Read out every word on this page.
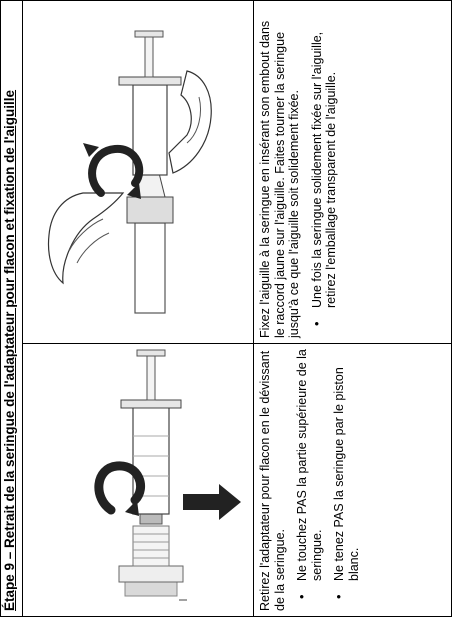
Étape 9 – Retrait de la seringue de l'adaptateur pour flacon et fixation de l'aiguille	Retirez l'adaptateur pour flacon en le dévissant de la seringue. • Ne touchez PAS la partie supérieure de la seringue. • Ne tenez PAS la seringue par le piston blanc.

Fixez l'aiguille à la seringue en insérant son embout dans le raccord jaune sur l'aiguille. Faites tourner la seringue jusqu'à ce que l'aiguille soit solidement fixée. • Une fois la seringue solidement fixée sur l'aiguille, retirez l'emballage transparent de l'aiguille.
